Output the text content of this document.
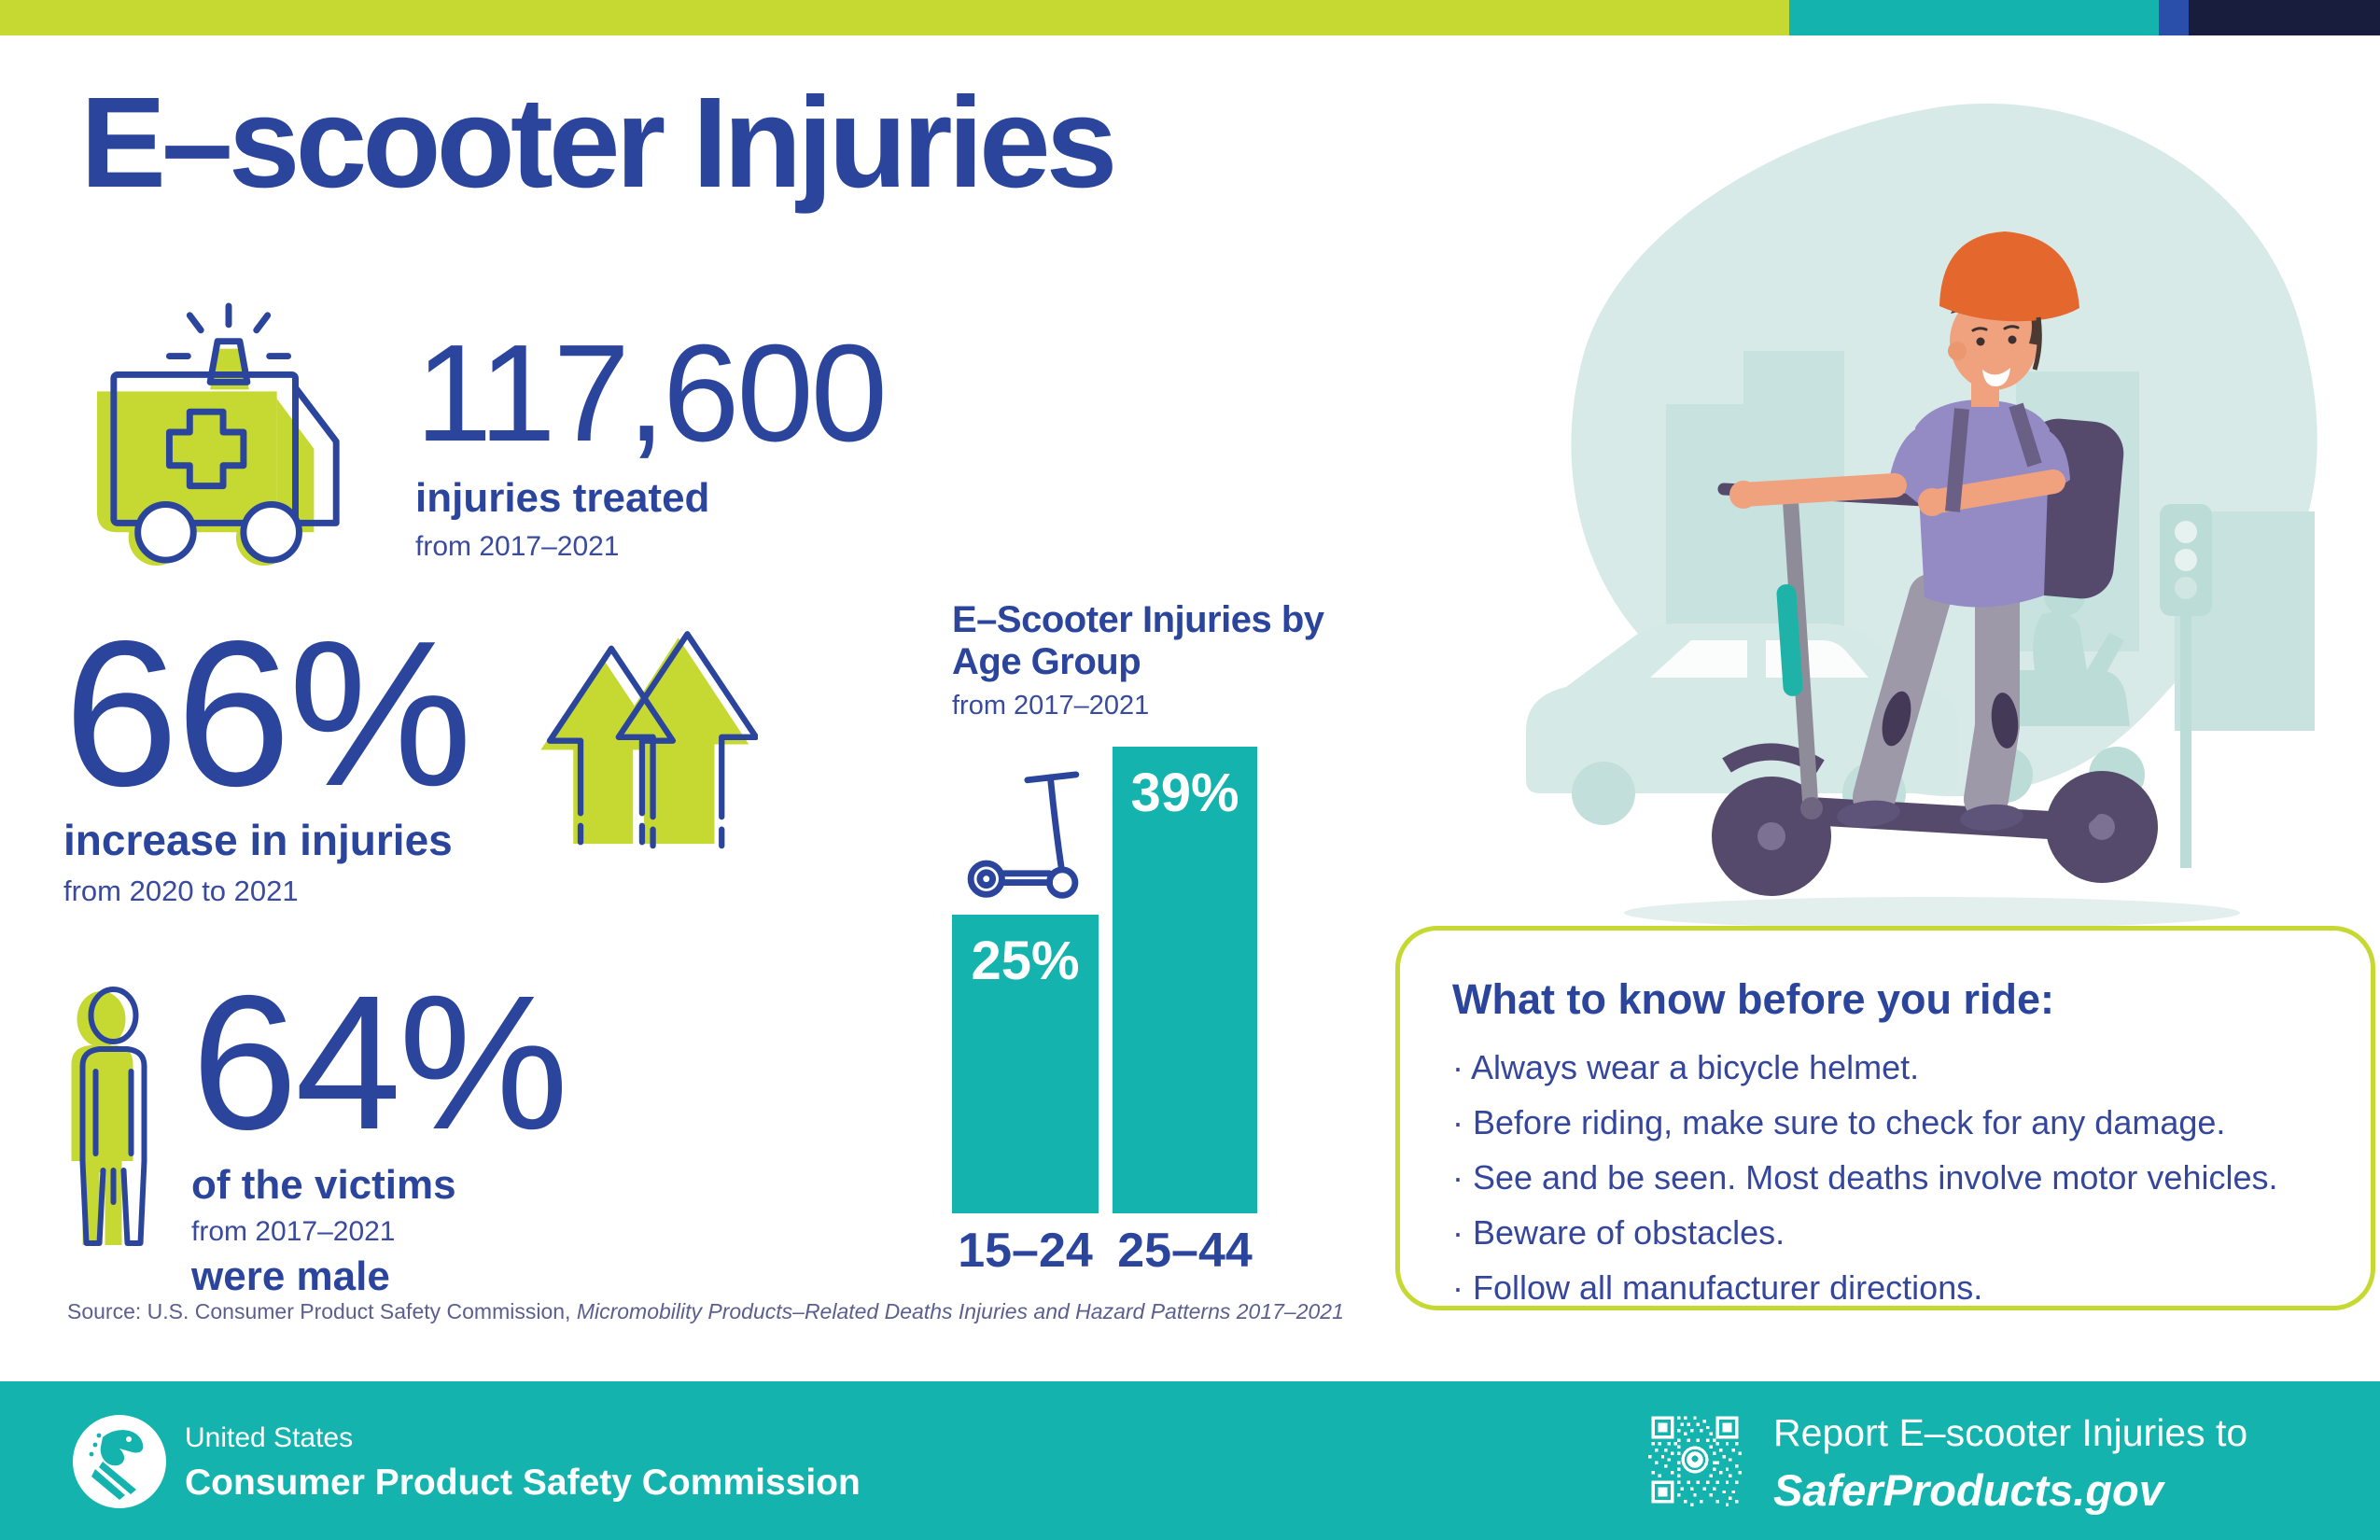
E–scooter Injuries
117,600
injuries treated
from 2017–2021
66%
increase in injuries
from 2020 to 2021
E–Scooter Injuries by Age Group
from 2017–2021
25%
39%
15–24 25–44
64%
of the victims
from 2017–2021
were male
What to know before you ride:
· Always wear a bicycle helmet.
· Before riding, make sure to check for any damage.
· See and be seen. Most deaths involve motor vehicles.
· Beware of obstacles.
· Follow all manufacturer directions.
Source: U.S. Consumer Product Safety Commission, Micromobility Products–Related Deaths Injuries and Hazard Patterns 2017–2021
United States
Consumer Product Safety Commission
Report E–scooter Injuries to
SaferProducts.gov
